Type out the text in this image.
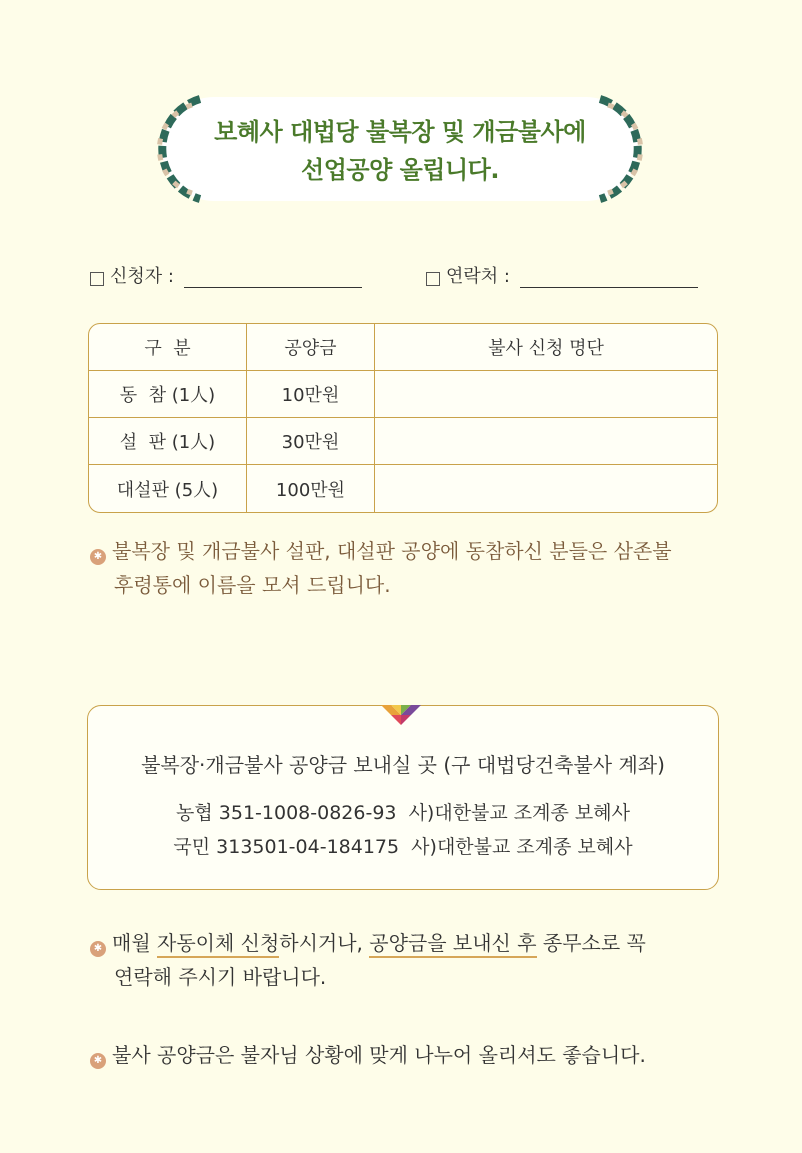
보혜사 대법당 불복장 및 개금불사에
선업공양 올립니다.
신청자 :	연락처 :
구  분	공양금	불사 신청 명단
동  참 (1人)	10만원	
설  판 (1人)	30만원	
대설판 (5人)	100만원	
✱ 불복장 및 개금불사 설판, 대설판 공양에 동참하신 분들은 삼존불
후령통에 이름을 모셔 드립니다.
불복장·개금불사 공양금 보내실 곳 (구 대법당건축불사 계좌)
농협 351-1008-0826-93  사)대한불교 조계종 보혜사
국민 313501-04-184175  사)대한불교 조계종 보혜사
✱ 매월 자동이체 신청하시거나, 공양금을 보내신 후 종무소로 꼭
연락해 주시기 바랍니다.
✱ 불사 공양금은 불자님 상황에 맞게 나누어 올리셔도 좋습니다.
